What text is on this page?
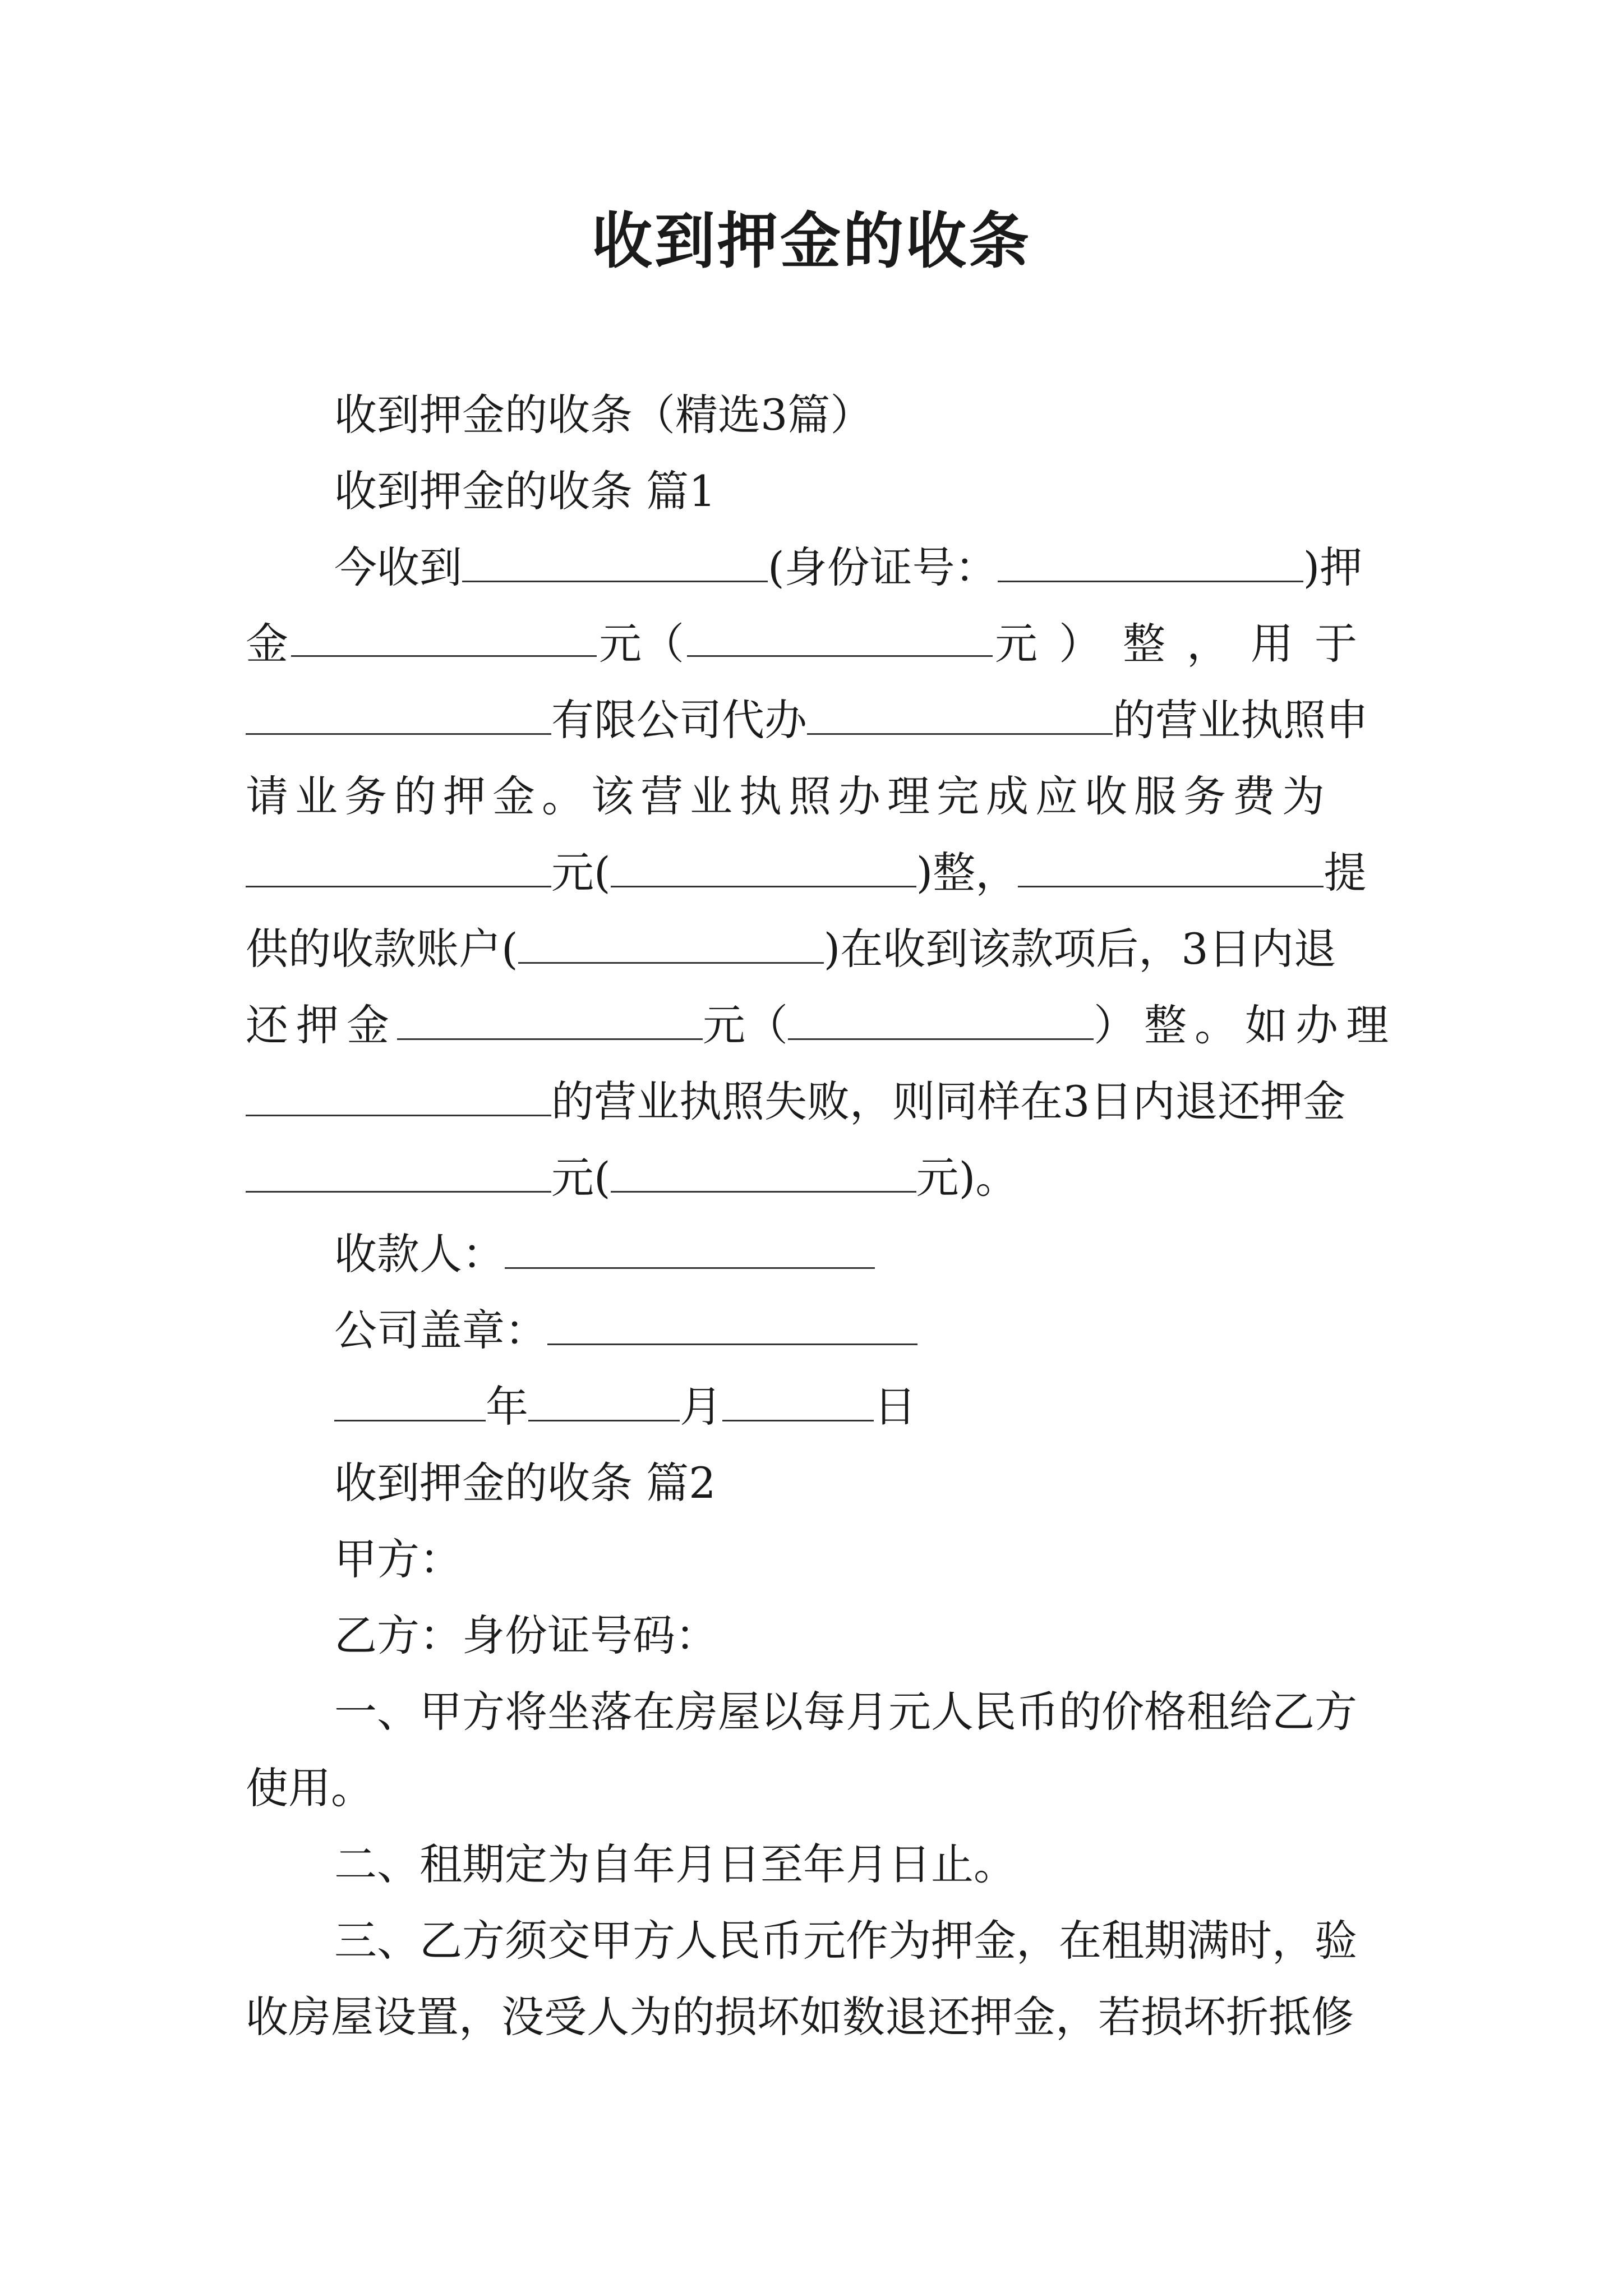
收到押金的收条
收到押金的收条（精选3篇）
收到押金的收条 篇1
今收到	(身份证号：	)押
金	元（	元）整，用于
有限公司代办	的营业执照申
请业务的押金。该营业执照办理完成应收服务费为
元(	)整，	提
供的收款账户(	)在收到该款项后，3日内退
还押金	元（	）整。如办理
的营业执照失败，则同样在3日内退还押金
元(	元)。
收款人：
公司盖章：
年	月	日
收到押金的收条 篇2
甲方：
乙方：身份证号码：
一、甲方将坐落在房屋以每月元人民币的价格租给乙方
使用。
二、租期定为自年月日至年月日止。
三、乙方须交甲方人民币元作为押金，在租期满时，验
收房屋设置，没受人为的损坏如数退还押金，若损坏折抵修
